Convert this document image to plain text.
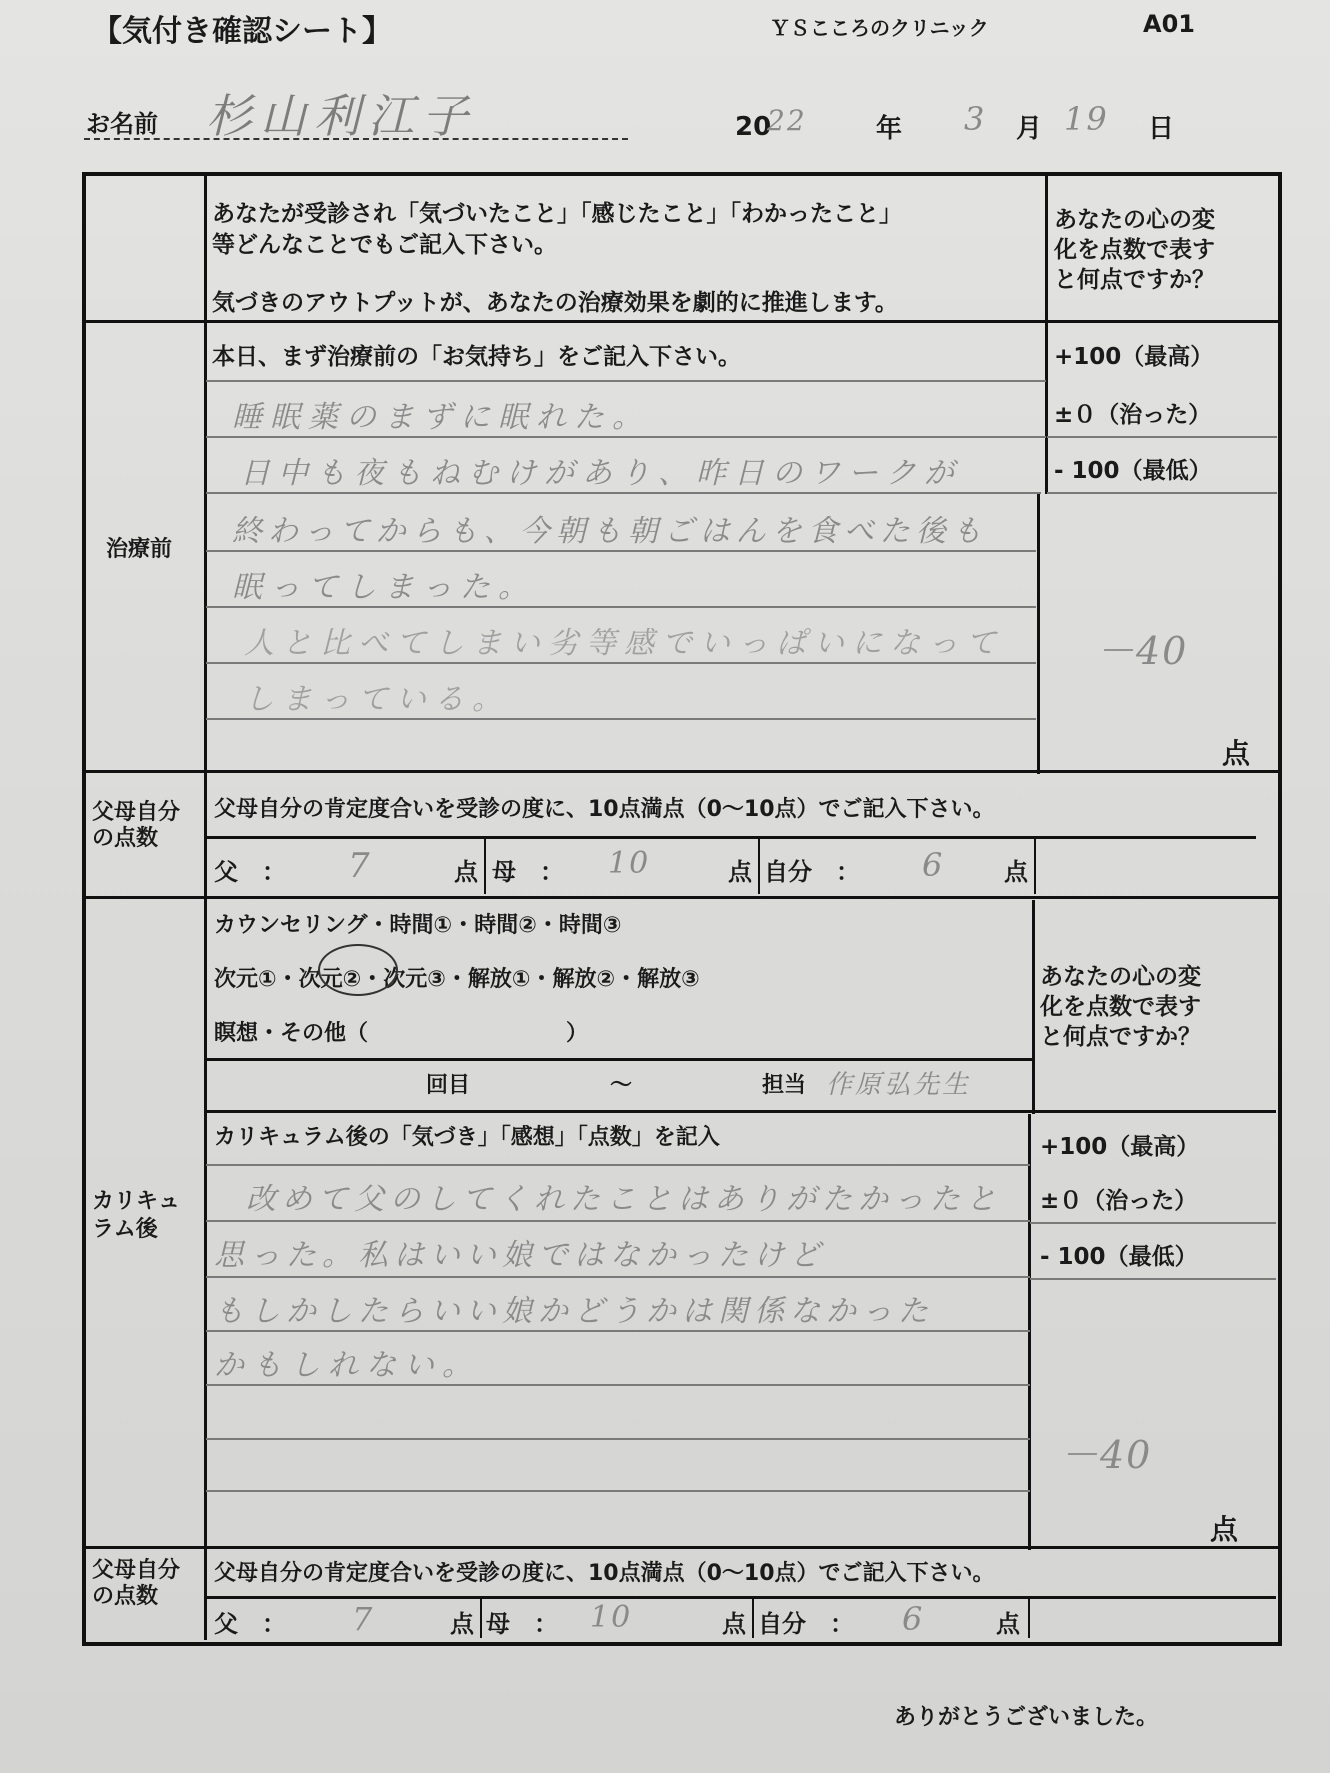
【気付き確認シート】	ＹＳこころのクリニック	A01
お名前 杉山利江子	20
22	年 3 月 19 日
あなたが受診され「気づいたこと」「感じたこと」「わかったこと」
等どんなことでもご記入下さい。
気づきのアウトプットが、あなたの治療効果を劇的に推進します。
あなたの心の変
化を点数で表す
と何点ですか？
治療前
本日、まず治療前の「お気持ち」をご記入下さい。	+100（最高）
±０（治った）
- 100（最低）
睡眠薬のまずに眠れた。
日中も夜もねむけがあり、昨日のワークが
終わってからも、今朝も朝ごはんを食べた後も
眠ってしまった。
人と比べてしまい劣等感でいっぱいになって
しまっている。
－40
点
父母自分
の点数
父母自分の肯定度合いを受診の度に、10点満点（0〜10点）でご記入下さい。
父　： 7	点 母　： 10	点 自分　： 6 点
カリキュ
ラム後
カウンセリング・時間①・時間②・時間③
次元①・次元②・次元③・解放①・解放②・解放③
瞑想・その他（　　　　　　　　　）
回目	～	担当 作原弘先生
あなたの心の変
化を点数で表す
と何点ですか？
カリキュラム後の「気づき」「感想」「点数」を記入	+100（最高）
±０（治った）
- 100（最低）
改めて父のしてくれたことはありがたかったと
思った。私はいい娘ではなかったけど
もしかしたらいい娘かどうかは関係なかった
かもしれない。
－40
点
父母自分
の点数
父母自分の肯定度合いを受診の度に、10点満点（0〜10点）でご記入下さい。
父　： 7	点 母　： 10	点 自分　： 6	点
ありがとうございました。
